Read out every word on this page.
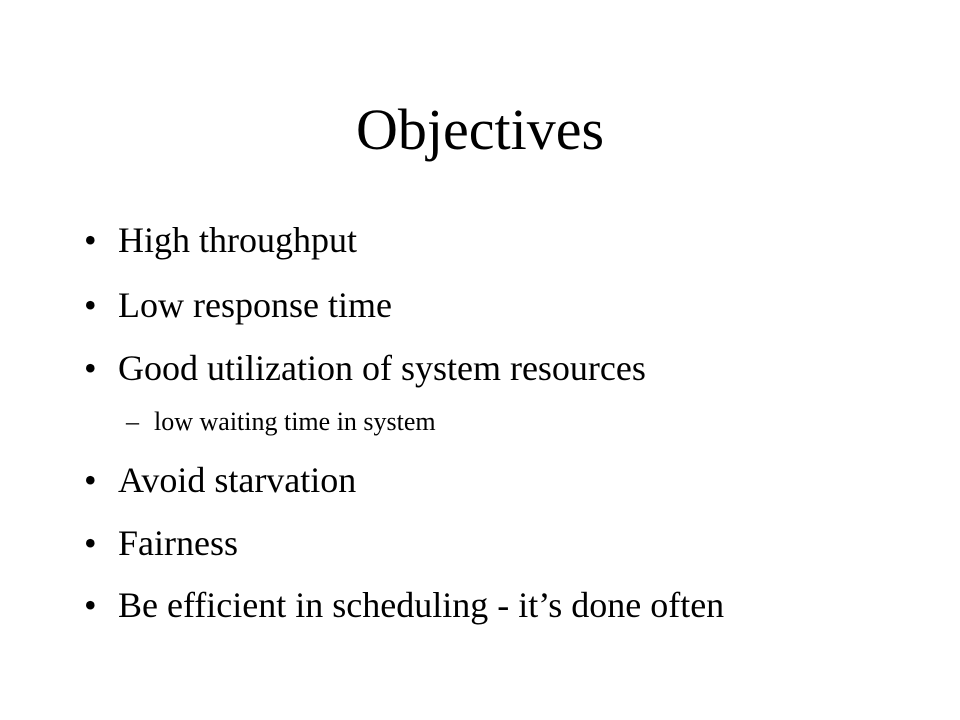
Objectives
• High throughput
• Low response time
• Good utilization of system resources
– low waiting time in system
• Avoid starvation
• Fairness
• Be efficient in scheduling - it’s done often
